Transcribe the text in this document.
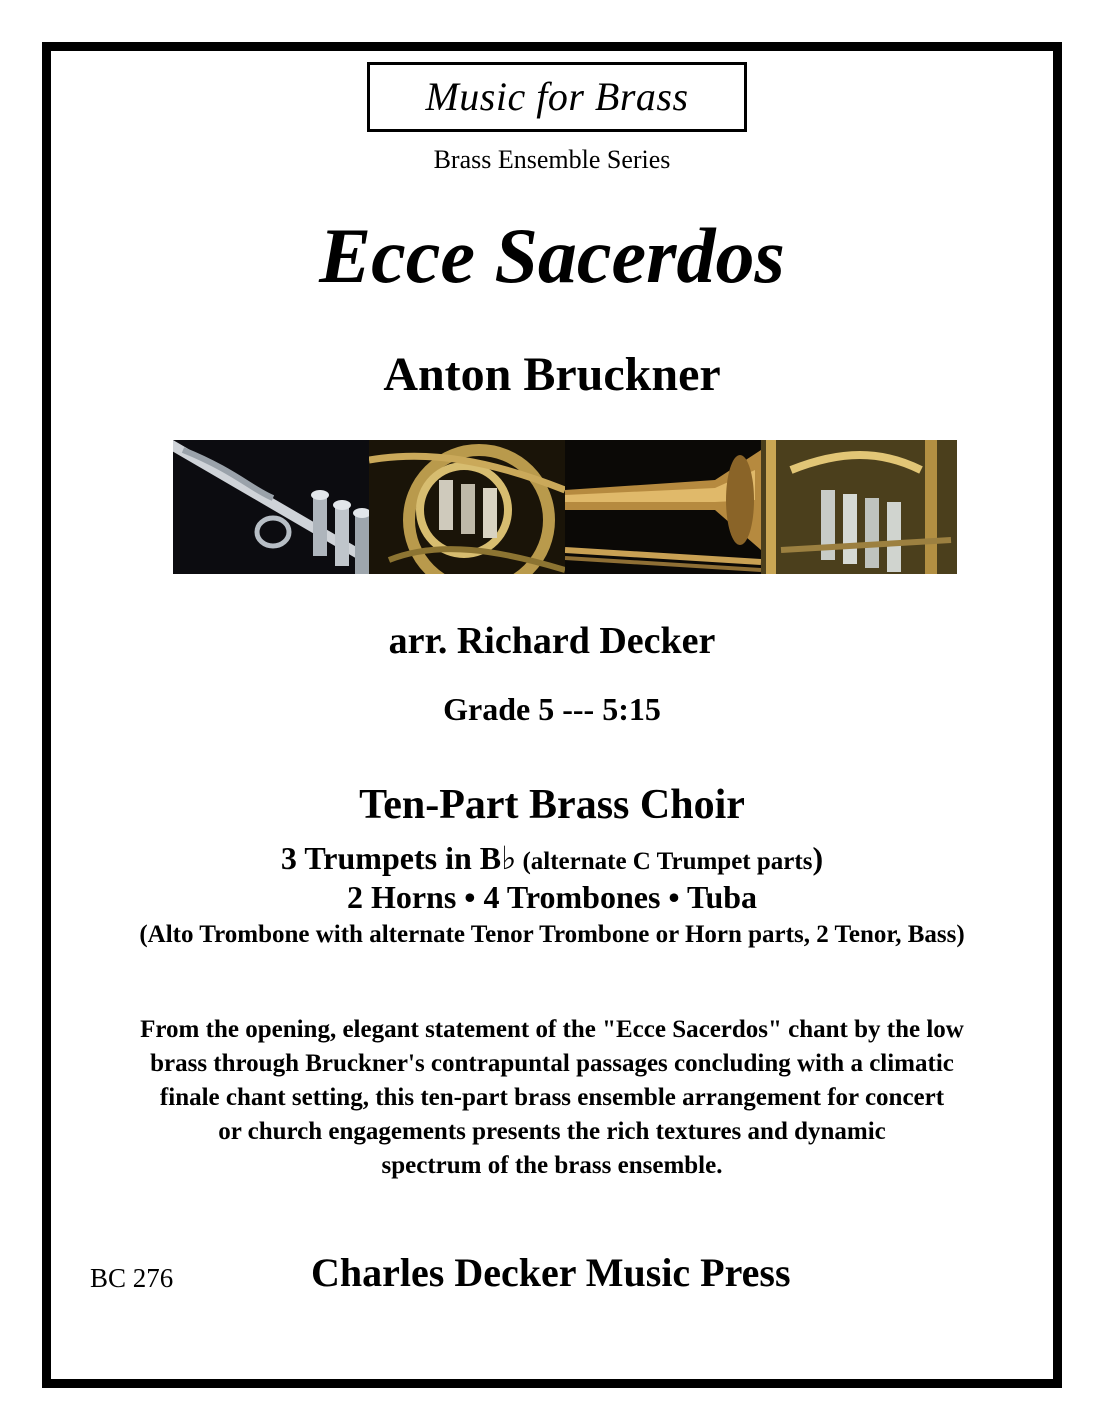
Music for Brass
Brass Ensemble Series
Ecce Sacerdos
Anton Bruckner
arr. Richard Decker
Grade 5 --- 5:15
Ten-Part Brass Choir
3 Trumpets in B♭ (alternate C Trumpet parts)
2 Horns • 4 Trombones • Tuba
(Alto Trombone with alternate Tenor Trombone or Horn parts, 2 Tenor, Bass)
From the opening, elegant statement of the "Ecce Sacerdos" chant by the low
brass through Bruckner's contrapuntal passages concluding with a climatic
finale chant setting, this ten-part brass ensemble arrangement for concert
or church engagements presents the rich textures and dynamic
spectrum of the brass ensemble.
BC 276	Charles Decker Music Press
